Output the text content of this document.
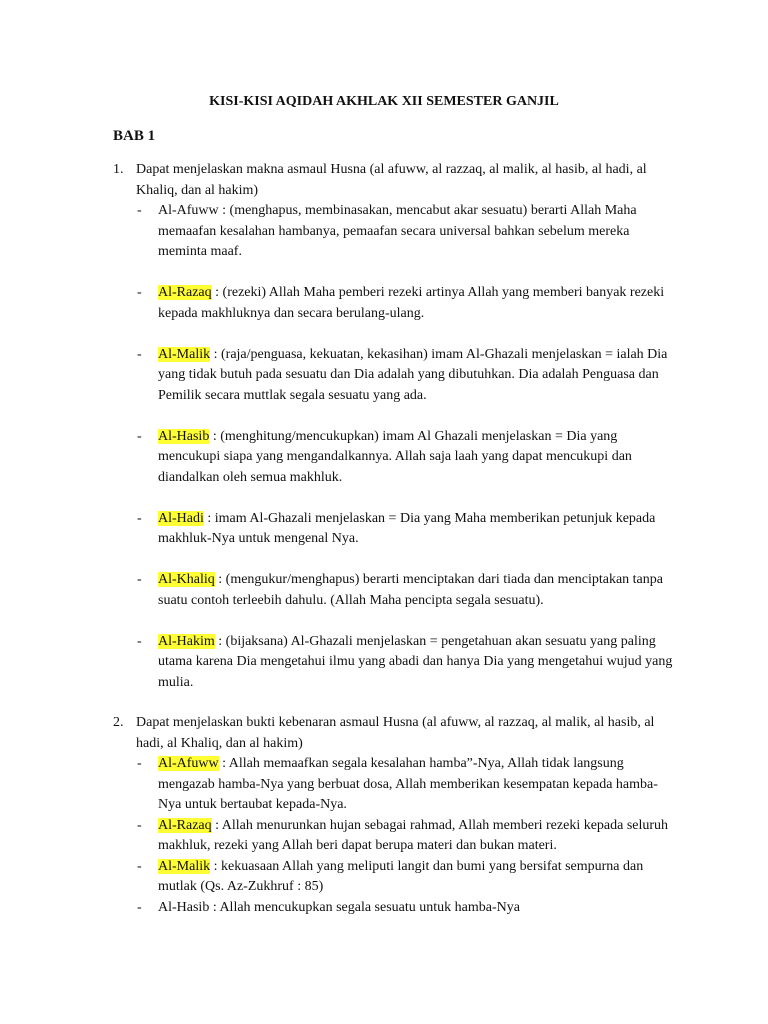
KISI-KISI AQIDAH AKHLAK XII SEMESTER GANJIL
BAB 1
1. Dapat menjelaskan makna asmaul Husna (al afuww, al razzaq, al malik, al hasib, al hadi, al Khaliq, dan al hakim)
- Al-Afuww : (menghapus, membinasakan, mencabut akar sesuatu) berarti Allah Maha memaafan kesalahan hambanya, pemaafan secara universal bahkan sebelum mereka meminta maaf.
- Al-Razaq : (rezeki) Allah Maha pemberi rezeki artinya Allah yang memberi banyak rezeki kepada makhluknya dan secara berulang-ulang.
- Al-Malik : (raja/penguasa, kekuatan, kekasihan) imam Al-Ghazali menjelaskan = ialah Dia yang tidak butuh pada sesuatu dan Dia adalah yang dibutuhkan. Dia adalah Penguasa dan Pemilik secara muttlak segala sesuatu yang ada.
- Al-Hasib : (menghitung/mencukupkan) imam Al Ghazali menjelaskan = Dia yang mencukupi siapa yang mengandalkannya. Allah saja laah yang dapat mencukupi dan diandalkan oleh semua makhluk.
- Al-Hadi : imam Al-Ghazali menjelaskan = Dia yang Maha memberikan petunjuk kepada makhluk-Nya untuk mengenal Nya.
- Al-Khaliq : (mengukur/menghapus) berarti menciptakan dari tiada dan menciptakan tanpa suatu contoh terleebih dahulu. (Allah Maha pencipta segala sesuatu).
- Al-Hakim : (bijaksana) Al-Ghazali menjelaskan = pengetahuan akan sesuatu yang paling utama karena Dia mengetahui ilmu yang abadi dan hanya Dia yang mengetahui wujud yang mulia.
2. Dapat menjelaskan bukti kebenaran asmaul Husna (al afuww, al razzaq, al malik, al hasib, al hadi, al Khaliq, dan al hakim)
- Al-Afuww : Allah memaafkan segala kesalahan hamba”-Nya, Allah tidak langsung mengazab hamba-Nya yang berbuat dosa, Allah memberikan kesempatan kepada hamba-Nya untuk bertaubat kepada-Nya.
- Al-Razaq : Allah menurunkan hujan sebagai rahmad, Allah memberi rezeki kepada seluruh makhluk, rezeki yang Allah beri dapat berupa materi dan bukan materi.
- Al-Malik : kekuasaan Allah yang meliputi langit dan bumi yang bersifat sempurna dan mutlak (Qs. Az-Zukhruf : 85)
- Al-Hasib : Allah mencukupkan segala sesuatu untuk hamba-Nya
